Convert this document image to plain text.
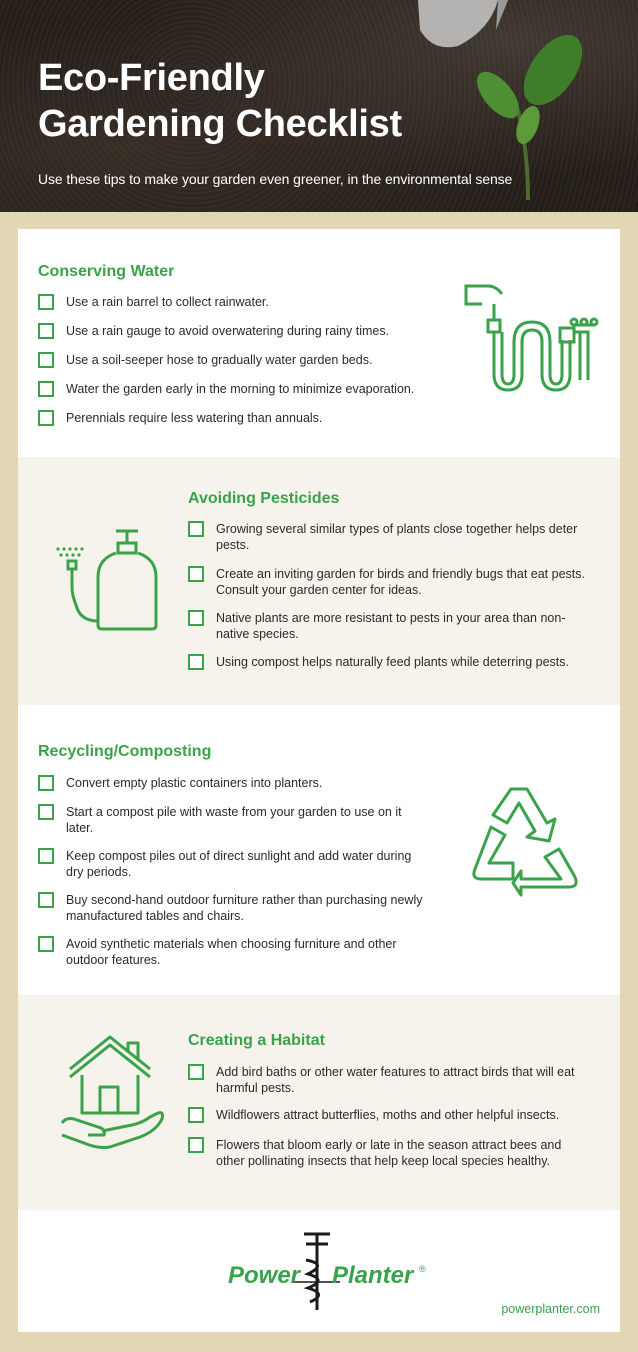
Eco-Friendly
Gardening Checklist
Use these tips to make your garden even greener, in the environmental sense
Conserving Water
Use a rain barrel to collect rainwater.
Use a rain gauge to avoid overwatering during rainy times.
Use a soil-seeper hose to gradually water garden beds.
Water the garden early in the morning to minimize evaporation.
Perennials require less watering than annuals.
Avoiding Pesticides
Growing several similar types of plants close together helps deter pests.
Create an inviting garden for birds and friendly bugs that eat pests. Consult your garden center for ideas.
Native plants are more resistant to pests in your area than non-native species.
Using compost helps naturally feed plants while deterring pests.
Recycling/Composting
Convert empty plastic containers into planters.
Start a compost pile with waste from your garden to use on it later.
Keep compost piles out of direct sunlight and add water during dry periods.
Buy second-hand outdoor furniture rather than purchasing newly manufactured tables and chairs.
Avoid synthetic materials when choosing furniture and other outdoor features.
Creating a Habitat
Add bird baths or other water features to attract birds that will eat harmful pests.
Wildflowers attract butterflies, moths and other helpful insects.
Flowers that bloom early or late in the season attract bees and other pollinating insects that help keep local species healthy.
Power Planter ®
powerplanter.com
